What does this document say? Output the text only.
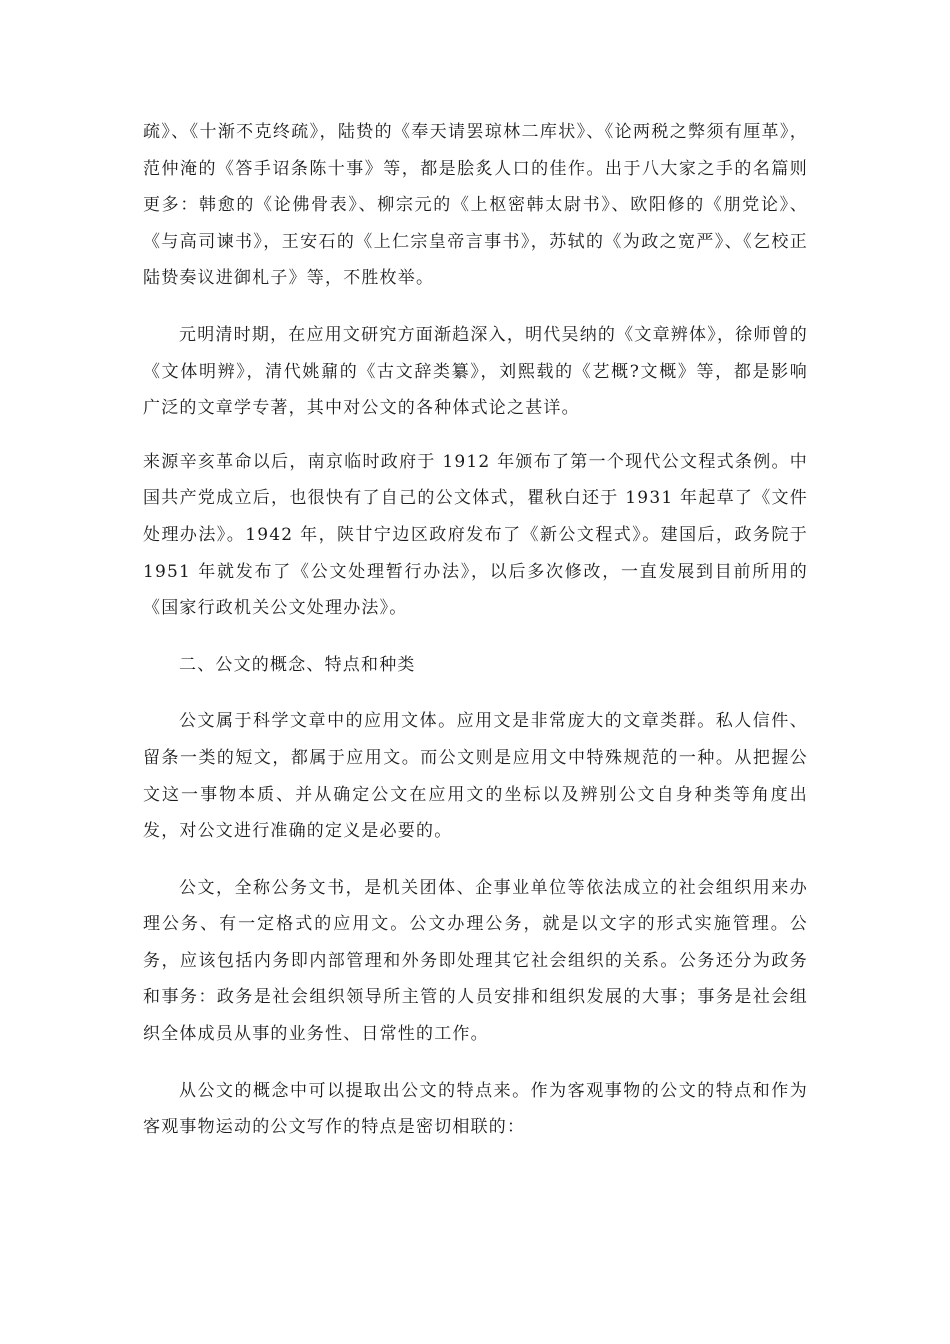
疏》、《十渐不克终疏》，陆贽的《奉天请罢琼林二库状》、《论两税之弊须有厘革》，范仲淹的《答手诏条陈十事》等，都是脍炙人口的佳作。出于八大家之手的名篇则更多：韩愈的《论佛骨表》、柳宗元的《上枢密韩太尉书》、欧阳修的《朋党论》、《与高司谏书》，王安石的《上仁宗皇帝言事书》，苏轼的《为政之宽严》、《乞校正陆贽奏议进御札子》等，不胜枚举。

元明清时期，在应用文研究方面渐趋深入，明代吴纳的《文章辨体》，徐师曾的《文体明辨》，清代姚鼐的《古文辞类纂》，刘熙载的《艺概?文概》等，都是影响广泛的文章学专著，其中对公文的各种体式论之甚详。

来源辛亥革命以后，南京临时政府于 1912 年颁布了第一个现代公文程式条例。中国共产党成立后，也很快有了自己的公文体式，瞿秋白还于 1931 年起草了《文件处理办法》。1942 年，陕甘宁边区政府发布了《新公文程式》。建国后，政务院于 1951 年就发布了《公文处理暂行办法》，以后多次修改，一直发展到目前所用的《国家行政机关公文处理办法》。

二、公文的概念、特点和种类

公文属于科学文章中的应用文体。应用文是非常庞大的文章类群。私人信件、留条一类的短文，都属于应用文。而公文则是应用文中特殊规范的一种。从把握公文这一事物本质、并从确定公文在应用文的坐标以及辨别公文自身种类等角度出发，对公文进行准确的定义是必要的。

公文，全称公务文书，是机关团体、企事业单位等依法成立的社会组织用来办理公务、有一定格式的应用文。公文办理公务，就是以文字的形式实施管理。公务，应该包括内务即内部管理和外务即处理其它社会组织的关系。公务还分为政务和事务：政务是社会组织领导所主管的人员安排和组织发展的大事；事务是社会组织全体成员从事的业务性、日常性的工作。

从公文的概念中可以提取出公文的特点来。作为客观事物的公文的特点和作为客观事物运动的公文写作的特点是密切相联的：
